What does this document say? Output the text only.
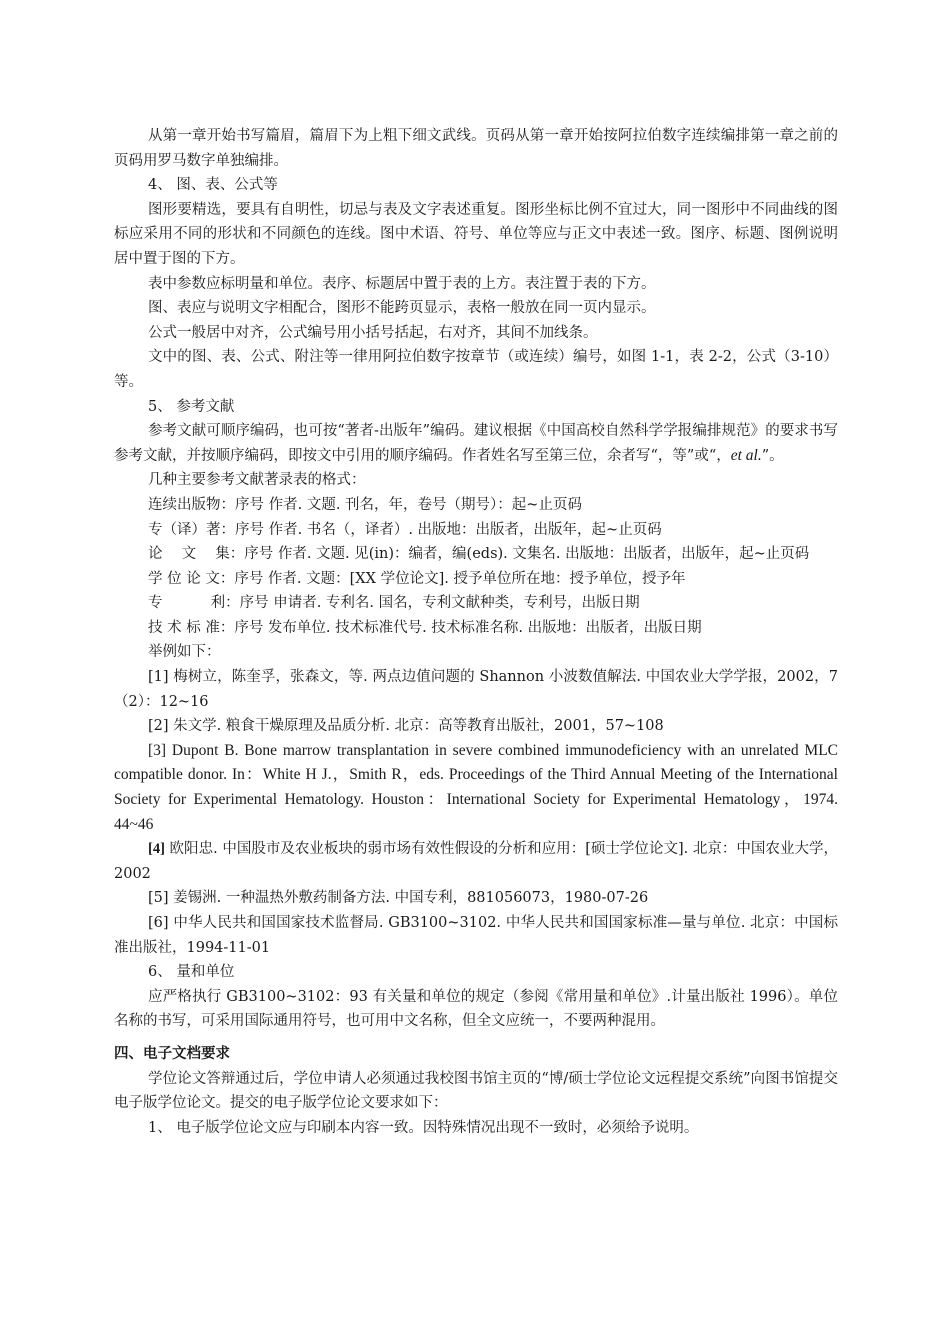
从第一章开始书写篇眉，篇眉下为上粗下细文武线。页码从第一章开始按阿拉伯数字连续编排第一章之前的页码用罗马数字单独编排。

4、 图、表、公式等

图形要精选，要具有自明性，切忌与表及文字表述重复。图形坐标比例不宜过大，同一图形中不同曲线的图标应采用不同的形状和不同颜色的连线。图中术语、符号、单位等应与正文中表述一致。图序、标题、图例说明居中置于图的下方。

表中参数应标明量和单位。表序、标题居中置于表的上方。表注置于表的下方。

图、表应与说明文字相配合，图形不能跨页显示，表格一般放在同一页内显示。

公式一般居中对齐，公式编号用小括号括起，右对齐，其间不加线条。

文中的图、表、公式、附注等一律用阿拉伯数字按章节（或连续）编号，如图 1-1，表 2-2，公式（3-10）等。

5、 参考文献

参考文献可顺序编码，也可按“著者-出版年”编码。建议根据《中国高校自然科学学报编排规范》的要求书写参考文献，并按顺序编码，即按文中引用的顺序编码。作者姓名写至第三位，余者写“，等”或“，et al.”。

几种主要参考文献著录表的格式：

连续出版物：序号 作者. 文题. 刊名，年，卷号（期号）：起~止页码

专（译）著：序号 作者. 书名（，译者）. 出版地：出版者，出版年，起~止页码

论　 文　 集：序号 作者. 文题. 见(in)：编者，编(eds). 文集名. 出版地：出版者，出版年，起~止页码

学 位 论 文：序号 作者. 文题：[XX 学位论文]. 授予单位所在地：授予单位，授予年

专　　　 利：序号 申请者. 专利名. 国名，专利文献种类，专利号，出版日期

技 术 标 准：序号 发布单位. 技术标准代号. 技术标准名称. 出版地：出版者，出版日期

举例如下：

[1] 梅树立，陈奎孚，张森文，等. 两点边值问题的 Shannon 小波数值解法. 中国农业大学学报，2002，7（2）：12~16

[2] 朱文学. 粮食干燥原理及品质分析. 北京：高等教育出版社，2001，57~108

[3] Dupont B. Bone marrow transplantation in severe combined immunodeficiency with an unrelated MLC compatible donor. In：White H J.，Smith R，eds. Proceedings of the Third Annual Meeting of the International Society for Experimental Hematology. Houston：International Society for Experimental Hematology，1974. 44~46

[4] 欧阳忠. 中国股市及农业板块的弱市场有效性假设的分析和应用：[硕士学位论文]. 北京：中国农业大学，2002

[5] 姜锡洲. 一种温热外敷药制备方法. 中国专利，881056073，1980-07-26

[6] 中华人民共和国国家技术监督局. GB3100~3102. 中华人民共和国国家标准—量与单位. 北京：中国标准出版社，1994-11-01

6、 量和单位

应严格执行 GB3100~3102：93 有关量和单位的规定（参阅《常用量和单位》.计量出版社 1996）。单位名称的书写，可采用国际通用符号，也可用中文名称，但全文应统一，不要两种混用。

四、电子文档要求

学位论文答辩通过后，学位申请人必须通过我校图书馆主页的“博/硕士学位论文远程提交系统”向图书馆提交电子版学位论文。提交的电子版学位论文要求如下：

1、 电子版学位论文应与印刷本内容一致。因特殊情况出现不一致时，必须给予说明。
